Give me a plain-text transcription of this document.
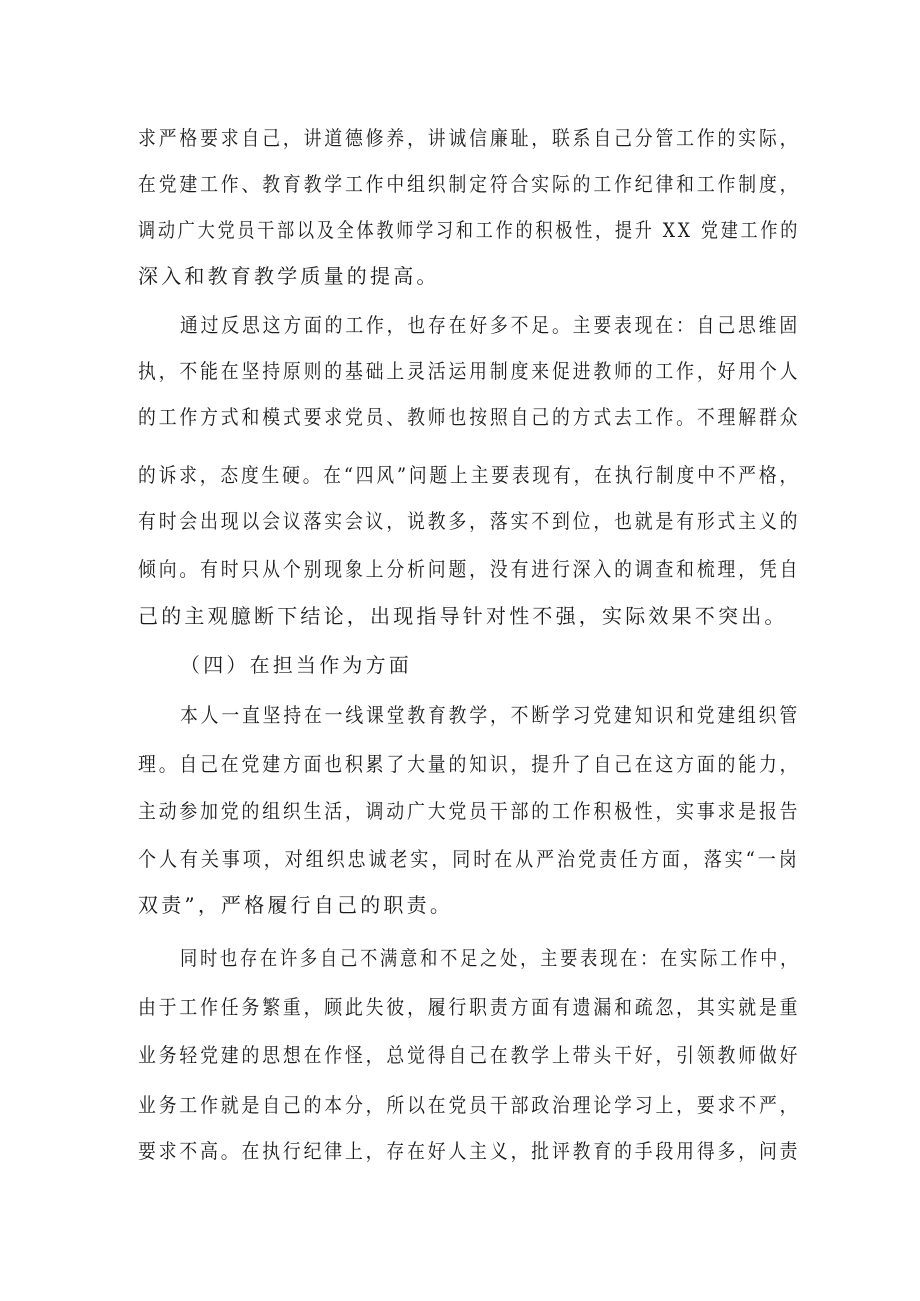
求严格要求自己，讲道德修养，讲诚信廉耻，联系自己分管工作的实际，
在党建工作、教育教学工作中组织制定符合实际的工作纪律和工作制度，
调动广大党员干部以及全体教师学习和工作的积极性，提升 XX 党建工作的
深入和教育教学质量的提高。
通过反思这方面的工作，也存在好多不足。主要表现在：自己思维固
执，不能在坚持原则的基础上灵活运用制度来促进教师的工作，好用个人
的工作方式和模式要求党员、教师也按照自己的方式去工作。不理解群众
的诉求，态度生硬。在“四风”问题上主要表现有，在执行制度中不严格，
有时会出现以会议落实会议，说教多，落实不到位，也就是有形式主义的
倾向。有时只从个别现象上分析问题，没有进行深入的调查和梳理，凭自
己的主观臆断下结论，出现指导针对性不强，实际效果不突出。
（四）在担当作为方面
本人一直坚持在一线课堂教育教学，不断学习党建知识和党建组织管
理。自己在党建方面也积累了大量的知识，提升了自己在这方面的能力，
主动参加党的组织生活，调动广大党员干部的工作积极性，实事求是报告
个人有关事项，对组织忠诚老实，同时在从严治党责任方面，落实“一岗
双责”，严格履行自己的职责。
同时也存在许多自己不满意和不足之处，主要表现在：在实际工作中，
由于工作任务繁重，顾此失彼，履行职责方面有遗漏和疏忽，其实就是重
业务轻党建的思想在作怪，总觉得自己在教学上带头干好，引领教师做好
业务工作就是自己的本分，所以在党员干部政治理论学习上，要求不严，
要求不高。在执行纪律上，存在好人主义，批评教育的手段用得多，问责
